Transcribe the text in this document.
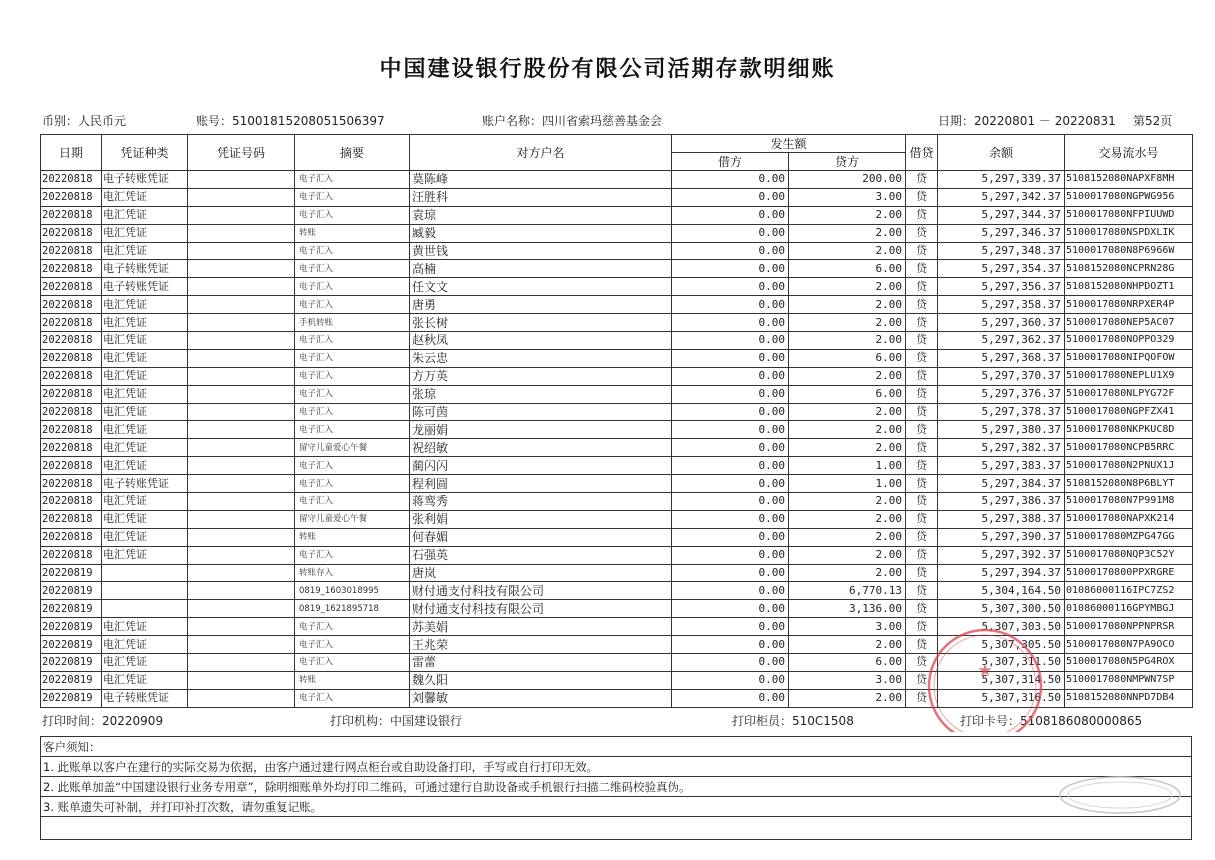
中国建设银行股份有限公司活期存款明细账
币别：人民币元	账号：51001815208051506397	账户名称：四川省索玛慈善基金会	日期：20220801 － 20220831 第52页
日期	凭证种类	凭证号码	摘要	对方户名	发生额		借贷	余额	交易流水号
					借方	贷方			
20220818	电子转账凭证		电子汇入	莫陈峰	0.00	200.00	贷	5,297,339.37	5108152080NAPXF8MH
20220818	电汇凭证		电子汇入	汪胜科	0.00	3.00	贷	5,297,342.37	5100017080NGPWG956
20220818	电汇凭证		电子汇入	袁琼	0.00	2.00	贷	5,297,344.37	5100017080NFPIUUWD
20220818	电汇凭证		转账	臧毅	0.00	2.00	贷	5,297,346.37	5100017080NSPDXLIK
20220818	电汇凭证		电子汇入	黄世钱	0.00	2.00	贷	5,297,348.37	5100017080N8P6966W
20220818	电子转账凭证		电子汇入	高楠	0.00	6.00	贷	5,297,354.37	5108152080NCPRN28G
20220818	电子转账凭证		电子汇入	任文文	0.00	2.00	贷	5,297,356.37	5108152080NHPDOZT1
20220818	电汇凭证		电子汇入	唐勇	0.00	2.00	贷	5,297,358.37	5100017080NRPXER4P
20220818	电汇凭证		手机转账	张长树	0.00	2.00	贷	5,297,360.37	5100017080NEP5AC07
20220818	电汇凭证		电子汇入	赵秋凤	0.00	2.00	贷	5,297,362.37	5100017080NOPPO329
20220818	电汇凭证		电子汇入	朱云忠	0.00	6.00	贷	5,297,368.37	5100017080NIPQOFOW
20220818	电汇凭证		电子汇入	方万英	0.00	2.00	贷	5,297,370.37	5100017080NEPLU1X9
20220818	电汇凭证		电子汇入	张琼	0.00	6.00	贷	5,297,376.37	5100017080NLPYG72F
20220818	电汇凭证		电子汇入	陈可茵	0.00	2.00	贷	5,297,378.37	5100017080NGPFZX41
20220818	电汇凭证		电子汇入	龙丽娟	0.00	2.00	贷	5,297,380.37	5100017080NKPKUC8D
20220818	电汇凭证		留守儿童爱心午餐	祝绍敏	0.00	2.00	贷	5,297,382.37	5100017080NCPB5RRC
20220818	电汇凭证		电子汇入	蔺闪闪	0.00	1.00	贷	5,297,383.37	5100017080N2PNUX1J
20220818	电子转账凭证		电子汇入	程利圆	0.00	1.00	贷	5,297,384.37	5108152080N8P6BLYT
20220818	电汇凭证		电子汇入	蒋鸾秀	0.00	2.00	贷	5,297,386.37	5100017080N7P991M8
20220818	电汇凭证		留守儿童爱心午餐	张利娟	0.00	2.00	贷	5,297,388.37	5100017080NAPXK214
20220818	电汇凭证		转账	何春媚	0.00	2.00	贷	5,297,390.37	5100017080MZPG47GG
20220818	电汇凭证		电子汇入	石强英	0.00	2.00	贷	5,297,392.37	5100017080NQP3C52Y
20220819			转账存入	唐岚	0.00	2.00	贷	5,297,394.37	51000170800PPXRGRE
20220819			0819_1603018995	财付通支付科技有限公司	0.00	6,770.13	贷	5,304,164.50	01086000116IPC7ZS2
20220819			0819_1621895718	财付通支付科技有限公司	0.00	3,136.00	贷	5,307,300.50	01086000116GPYMBGJ
20220819	电汇凭证		电子汇入	苏美娟	0.00	3.00	贷	5,307,303.50	5100017080NPPNPRSR
20220819	电汇凭证		电子汇入	王兆荣	0.00	2.00	贷	5,307,305.50	5100017080N7PA9OCO
20220819	电汇凭证		电子汇入	雷蕾	0.00	6.00	贷	5,307,311.50	5100017080N5PG4ROX
20220819	电汇凭证		转账	魏久阳	0.00	3.00	贷	5,307,314.50	5100017080NMPWN7SP
20220819	电子转账凭证		电子汇入	刘馨敏	0.00	2.00	贷	5,307,316.50	5108152080NNPD7DB4
打印时间：20220909	打印机构：中国建设银行	打印柜员：510C1508	打印卡号：5108186080000865
客户须知：
1. 此账单以客户在建行的实际交易为依据，由客户通过建行网点柜台或自助设备打印，手写或自行打印无效。
2. 此账单加盖“中国建设银行业务专用章”，除明细账单外均打印二维码，可通过建行自助设备或手机银行扫描二维码校验真伪。
3. 账单遗失可补制，并打印补打次数，请勿重复记账。

★
